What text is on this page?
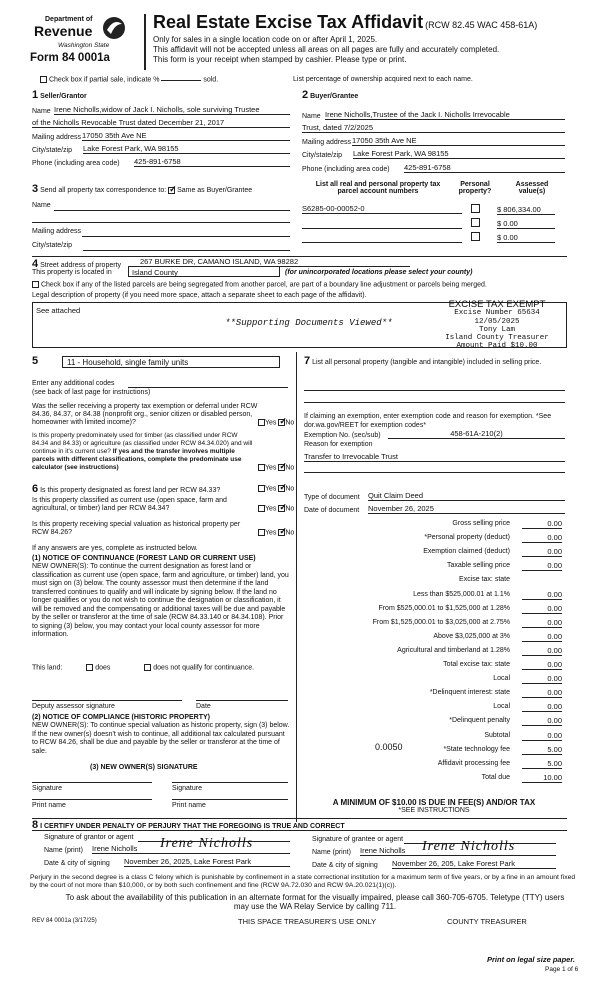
Department of
Revenue
Washington State
Form 84 0001a
Real Estate Excise Tax Affidavit (RCW 82.45 WAC 458-61A)
Only for sales in a single location code on or after April 1, 2025.
This affidavit will not be accepted unless all areas on all pages are fully and accurately completed.
This form is your receipt when stamped by cashier. Please type or print.
Check box if partial sale, indicate %	sold.	List percentage of ownership acquired next to each name.
1 Seller/Grantor
Name Irene Nicholls,widow of Jack I. Nicholls, sole surviving Trustee
of the Nicholls Revocable Trust dated December 21, 2017
Mailing address 17050 35th Ave NE
City/state/zip Lake Forest Park, WA 98155
Phone (including area code) 425-891-6758
2 Buyer/Grantee
Name Irene Nicholls,Trustee of the Jack I. Nicholls Irrevocable
Trust, dated 7/2/2025
Mailing address 17050 35th Ave NE
City/state/zip Lake Forest Park, WA 98155
Phone (including area code) 425-891-6758
3 Send all property tax correspondence to: ✓ Same as Buyer/Grantee
Name
Mailing address
City/state/zip
List all real and personal property tax parcel account numbers
Personal property?
Assessed value(s)
S6285-00-00052-0	$ 806,334.00
$ 0.00
$ 0.00
4 Street address of property	267 BURKE DR, CAMANO ISLAND, WA 98282
This property is located in	Island County	(for unincorporated locations please select your county)
Check box if any of the listed parcels are being segregated from another parcel, are part of a boundary line adjustment or parcels being merged.
Legal description of property (if you need more space, attach a separate sheet to each page of the affidavit).
See attached
**Supporting Documents Viewed**
EXCISE TAX EXEMPT
Excise Number 65634
12/05/2025
Tony Lam
Island County Treasurer
Amount Paid $10.00
5	11 - Household, single family units
Enter any additional codes
(see back of last page for instructions)
Was the seller receiving a property tax exemption or deferral under RCW 84.36, 84.37, or 84.38 (nonprofit org., senior citizen or disabled person, homeowner with limited income)?	Yes ✓ No
Is this property predominately used for timber (as classified under RCW 84.34 and 84.33) or agriculture (as classified under RCW 84.34.020) and will continue in it's current use? If yes and the transfer involves multiple parcels with different classifications, complete the predominate use calculator (see instructions)	Yes ✓ No
6 Is this property designated as forest land per RCW 84.33?	Yes ✓ No
Is this property classified as current use (open space, farm and agricultural, or timber) land per RCW 84.34?	Yes ✓ No
Is this property receiving special valuation as historical property per RCW 84.26?	Yes ✓ No
If any answers are yes, complete as instructed below.
(1) NOTICE OF CONTINUANCE (FOREST LAND OR CURRENT USE)
NEW OWNER(S): To continue the current designation as forest land or classification as current use (open space, farm and agriculture, or timber) land, you must sign on (3) below. The county assessor must then determine if the land transferred continues to qualify and will indicate by signing below. If the land no longer qualifies or you do not wish to continue the designation or classification, it will be removed and the compensating or additional taxes will be due and payable by the seller or transferor at the time of sale (RCW 84.33.140 or 84.34.108). Prior to signing (3) below, you may contact your local county assessor for more information.
This land:	does	does not qualify for continuance.
Deputy assessor signature	Date
(2) NOTICE OF COMPLIANCE (HISTORIC PROPERTY)
NEW OWNER(S): To continue special valuation as historic property, sign (3) below. If the new owner(s) doesn't wish to continue, all additional tax calculated pursuant to RCW 84.26, shall be due and payable by the seller or transferor at the time of sale.
(3) NEW OWNER(S) SIGNATURE
Signature	Signature
Print name	Print name
7 List all personal property (tangible and intangible) included in selling price.
If claiming an exemption, enter exemption code and reason for exemption. *See dor.wa.gov/REET for exemption codes*
Exemption No. (sec/sub)	458-61A-210(2)
Reason for exemption
Transfer to Irrevocable Trust
Type of document Quit Claim Deed
Date of document November 26, 2025
Gross selling price	0.00
*Personal property (deduct)	0.00
Exemption claimed (deduct)	0.00
Taxable selling price	0.00
Excise tax: state
Less than $525,000.01 at 1.1%	0.00
From $525,000.01 to $1,525,000 at 1.28%	0.00
From $1,525,000.01 to $3,025,000 at 2.75%	0.00
Above $3,025,000 at 3%	0.00
Agricultural and timberland at 1.28%	0.00
Total excise tax: state	0.00
Local	0.00
*Delinquent interest: state	0.00
Local	0.00
*Delinquent penalty	0.00
Subtotal	0.00
*State technology fee	5.00
Affidavit processing fee	5.00
Total due	10.00
0.0050
A MINIMUM OF $10.00 IS DUE IN FEE(S) AND/OR TAX
*SEE INSTRUCTIONS
8 I CERTIFY UNDER PENALTY OF PERJURY THAT THE FOREGOING IS TRUE AND CORRECT
Signature of grantor or agent
Name (print) Irene Nicholls	Irene Nicholls
Date & city of signing November 26, 2025, Lake Forest Park
Signature of grantee or agent
Name (print) Irene Nicholls	Irene Nicholls
Date & city of signing November 26, 205, Lake Forest Park
Perjury in the second degree is a class C felony which is punishable by confinement in a state correctional institution for a maximum term of five years, or by a fine in an amount fixed by the court of not more than $10,000, or by both such confinement and fine (RCW 9A.72.030 and RCW 9A.20.021(1)(c)).
To ask about the availability of this publication in an alternate format for the visually impaired, please call 360-705-6705. Teletype (TTY) users may use the WA Relay Service by calling 711.
REV 84 0001a (3/17/25)	THIS SPACE TREASURER'S USE ONLY	COUNTY TREASURER
Print on legal size paper.
Page 1 of 6
